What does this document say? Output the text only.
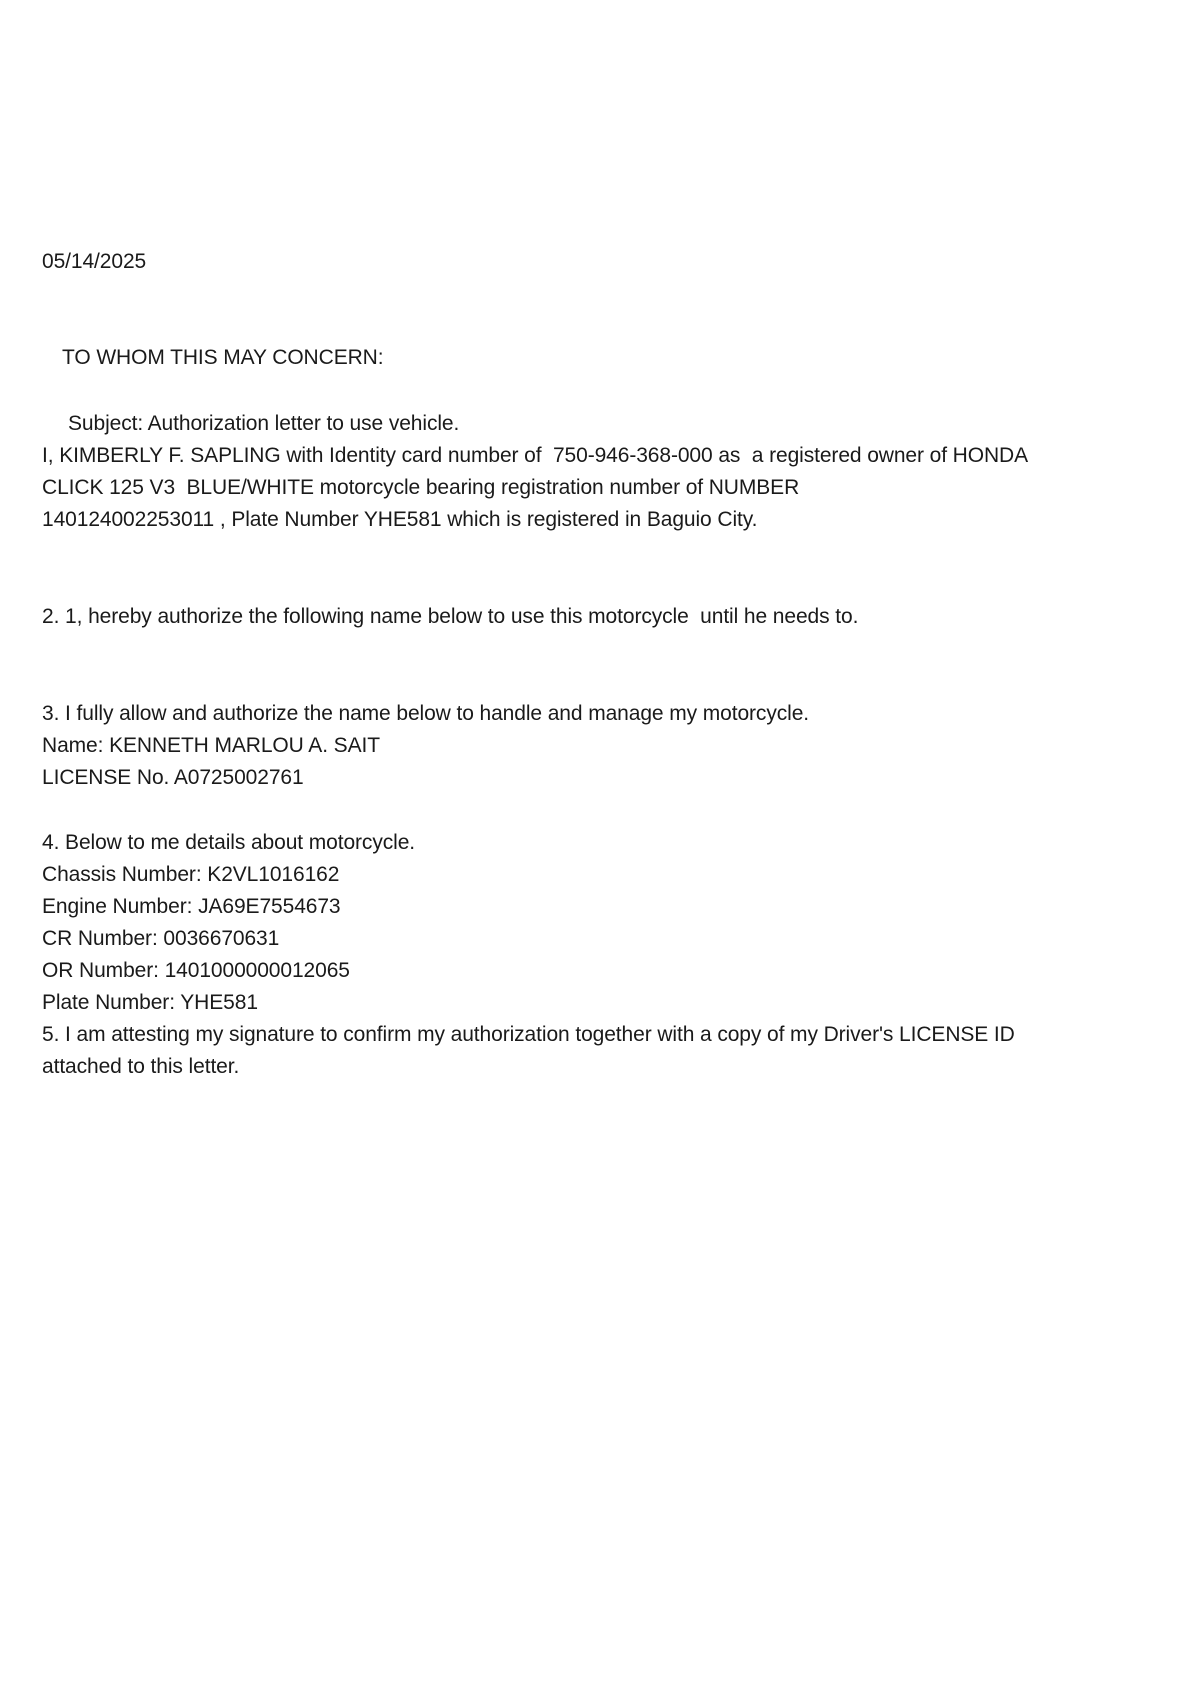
05/14/2025
TO WHOM THIS MAY CONCERN:
Subject: Authorization letter to use vehicle.
I, KIMBERLY F. SAPLING with Identity card number of  750-946-368-000 as  a registered owner of HONDA
CLICK 125 V3  BLUE/WHITE motorcycle bearing registration number of NUMBER
140124002253011 , Plate Number YHE581 which is registered in Baguio City.
2. 1, hereby authorize the following name below to use this motorcycle  until he needs to.
3. I fully allow and authorize the name below to handle and manage my motorcycle.
Name: KENNETH MARLOU A. SAIT
LICENSE No. A0725002761
4. Below to me details about motorcycle.
Chassis Number: K2VL1016162
Engine Number: JA69E7554673
CR Number: 0036670631
OR Number: 1401000000012065
Plate Number: YHE581
5. I am attesting my signature to confirm my authorization together with a copy of my Driver's LICENSE ID
attached to this letter.
